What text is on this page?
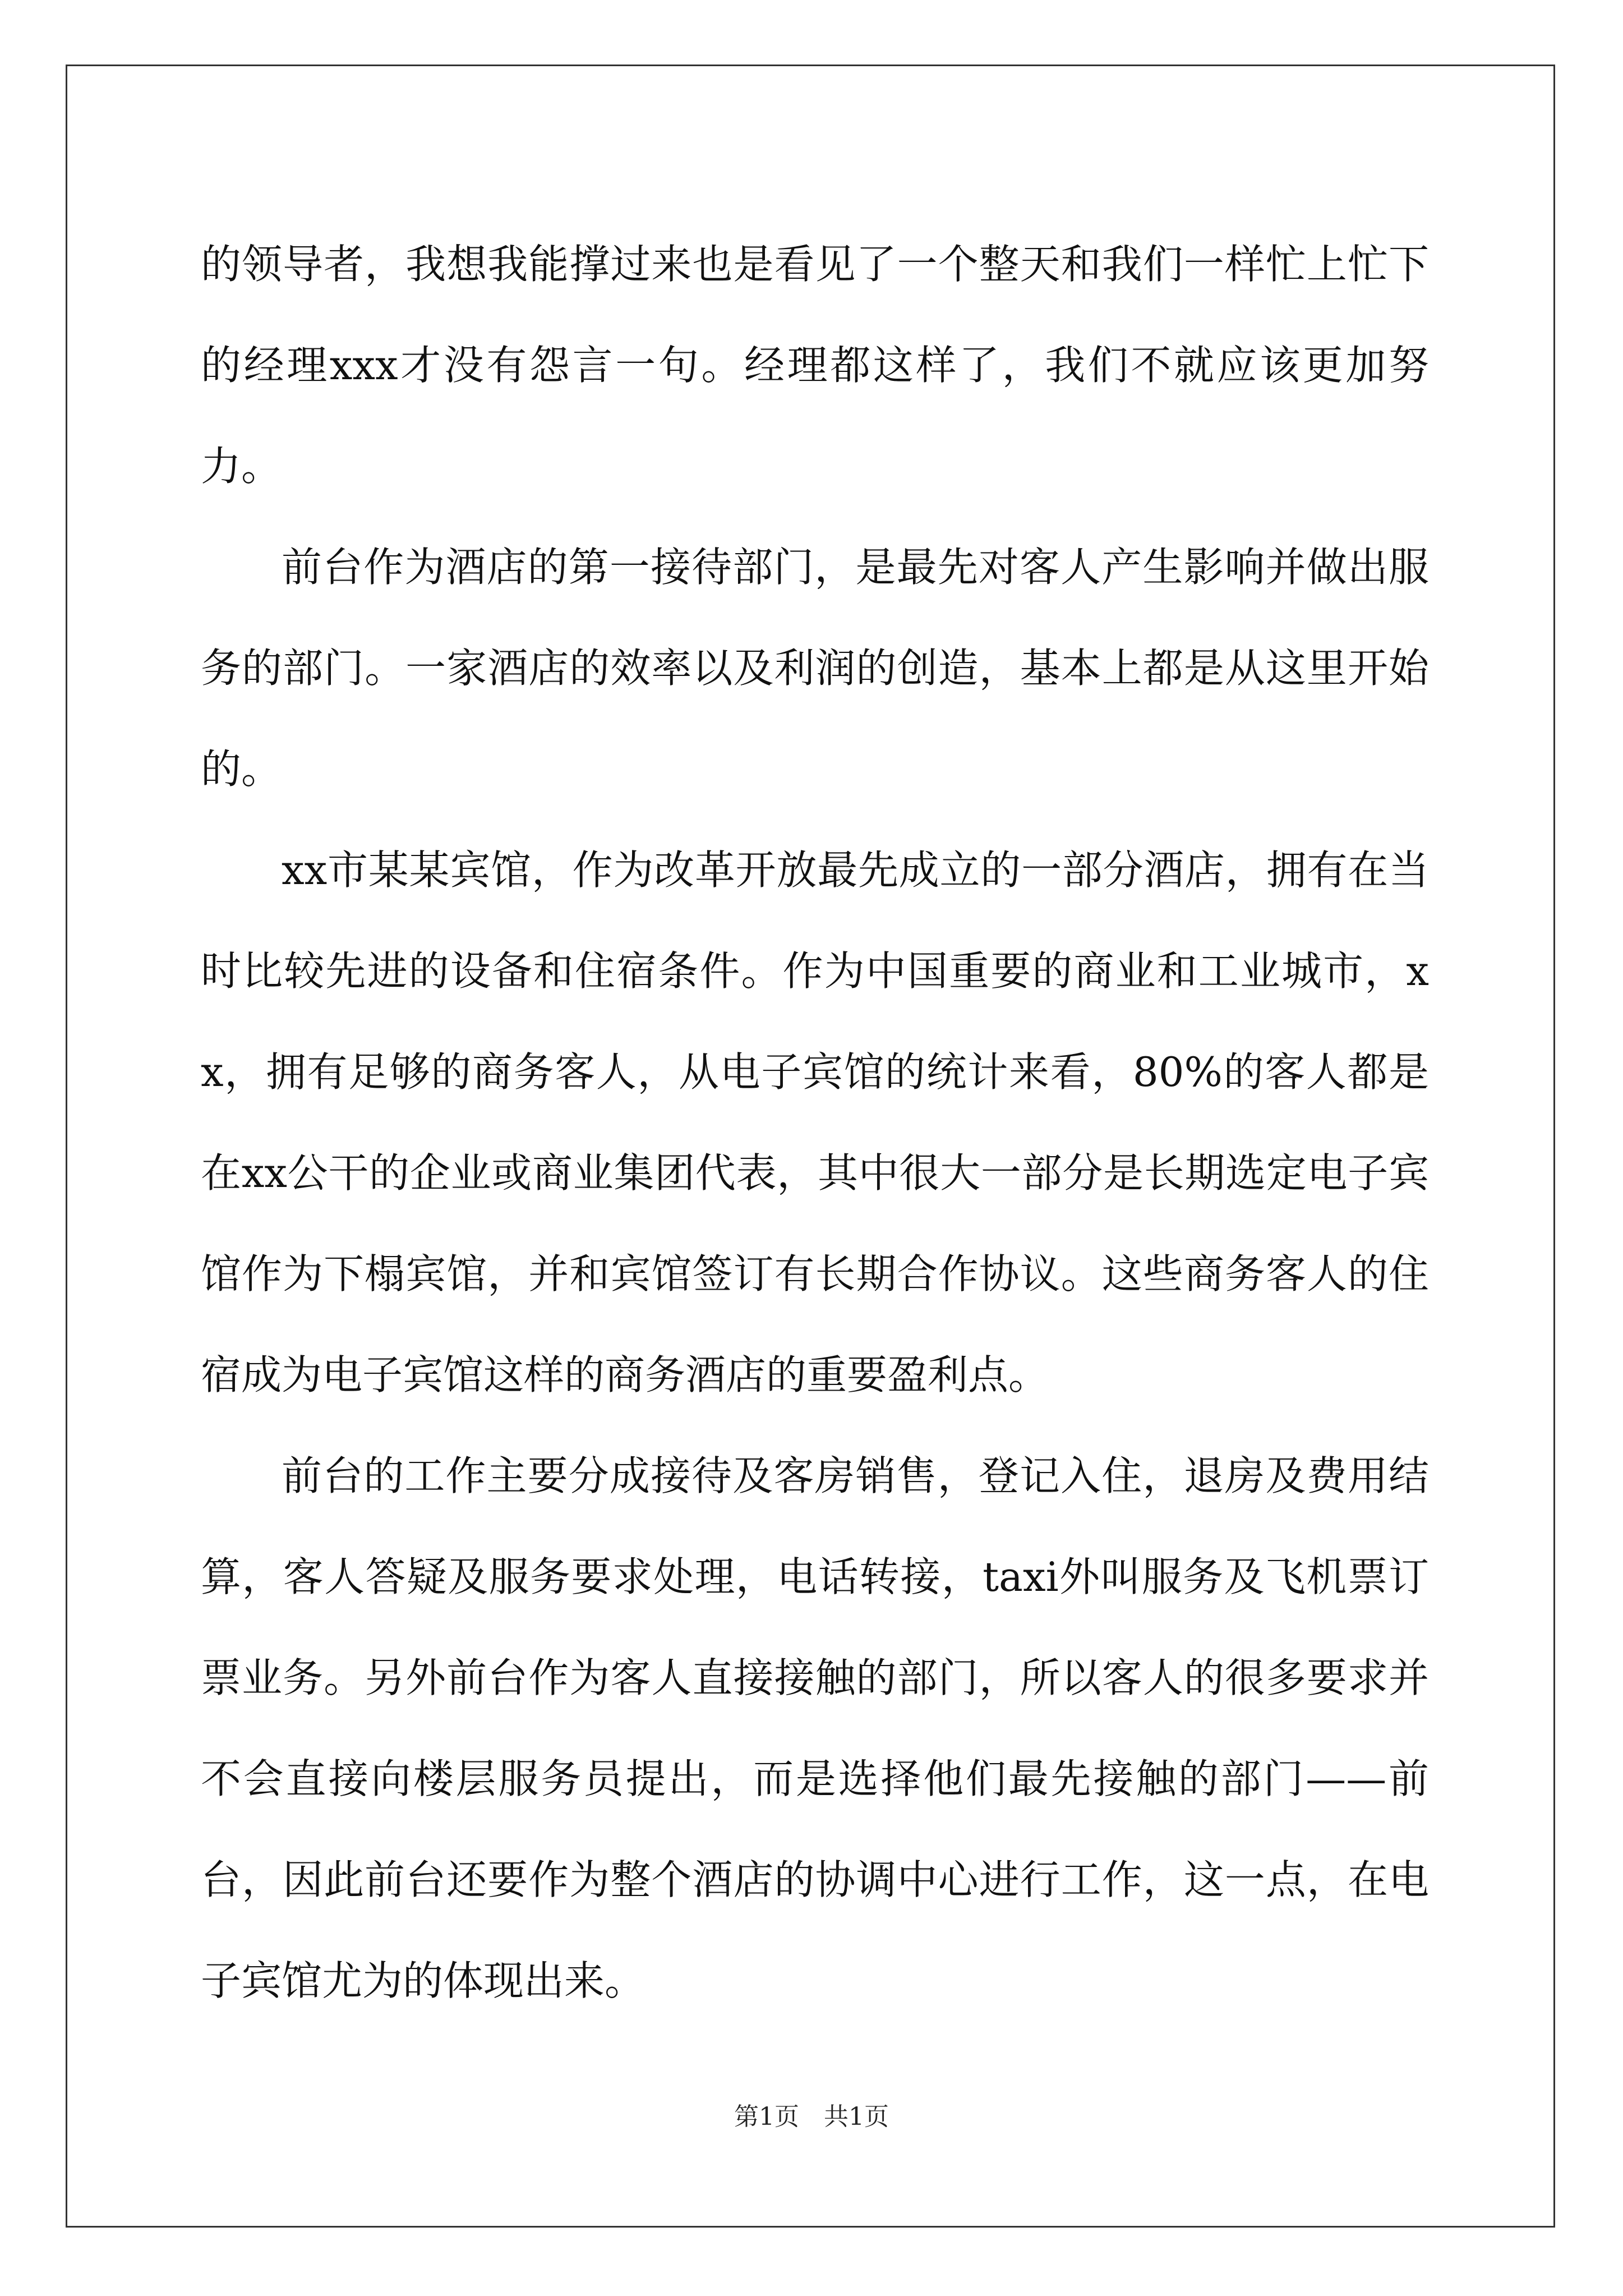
的领导者，我想我能撑过来也是看见了一个整天和我们一样忙上忙下的经理xxx才没有怨言一句。经理都这样了，我们不就应该更加努力。

前台作为酒店的第一接待部门，是最先对客人产生影响并做出服务的部门。一家酒店的效率以及利润的创造，基本上都是从这里开始的。

xx市某某宾馆，作为改革开放最先成立的一部分酒店，拥有在当时比较先进的设备和住宿条件。作为中国重要的商业和工业城市，xx，拥有足够的商务客人，从电子宾馆的统计来看，80%的客人都是在xx公干的企业或商业集团代表，其中很大一部分是长期选定电子宾馆作为下榻宾馆，并和宾馆签订有长期合作协议。这些商务客人的住宿成为电子宾馆这样的商务酒店的重要盈利点。

前台的工作主要分成接待及客房销售，登记入住，退房及费用结算，客人答疑及服务要求处理，电话转接，taxi外叫服务及飞机票订票业务。另外前台作为客人直接接触的部门，所以客人的很多要求并不会直接向楼层服务员提出，而是选择他们最先接触的部门——前台，因此前台还要作为整个酒店的协调中心进行工作，这一点，在电子宾馆尤为的体现出来。

第1页　共1页
